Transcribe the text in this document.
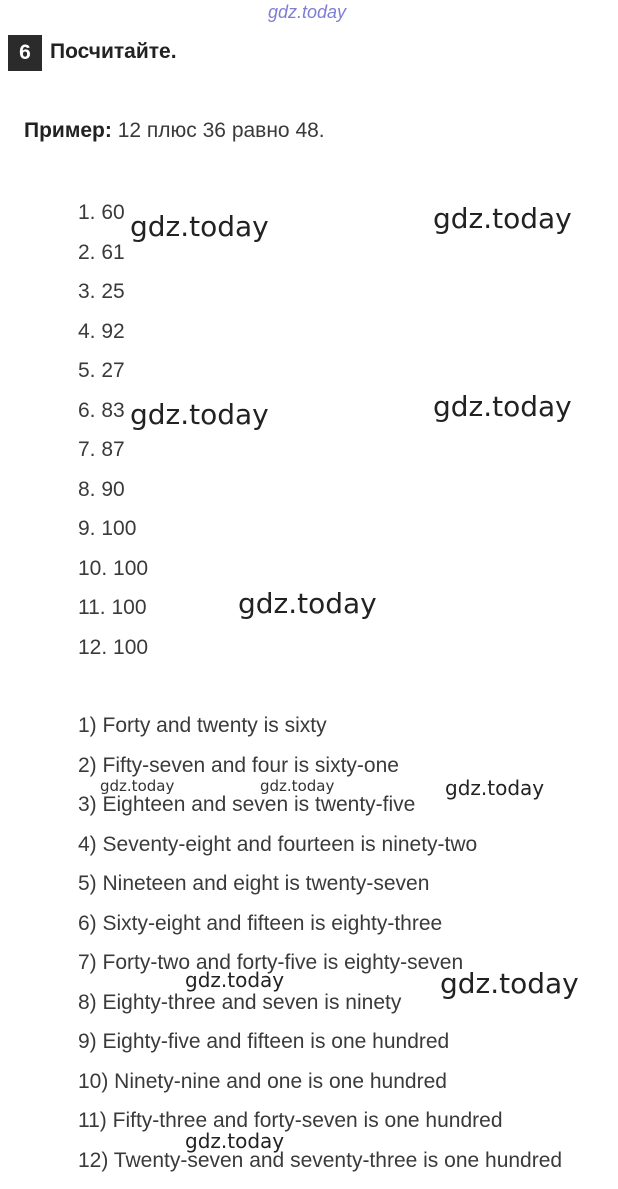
gdz.today
6 Посчитайте.
Пример: 12 плюс 36 равно 48.
1. 60
2. 61
3. 25
4. 92
5. 27
6. 83
7. 87
8. 90
9. 100
10. 100
11. 100
12. 100
1) Forty and twenty is sixty
2) Fifty-seven and four is sixty-one
3) Eighteen and seven is twenty-five
4) Seventy-eight and fourteen is ninety-two
5) Nineteen and eight is twenty-seven
6) Sixty-eight and fifteen is eighty-three
7) Forty-two and forty-five is eighty-seven
8) Eighty-three and seven is ninety
9) Eighty-five and fifteen is one hundred
10) Ninety-nine and one is one hundred
11) Fifty-three and forty-seven is one hundred
12) Twenty-seven and seventy-three is one hundred
gdz.today	gdz.today
gdz.today	gdz.today
gdz.today
gdz.today	gdz.today	gdz.today
gdz.today	gdz.today
gdz.today
